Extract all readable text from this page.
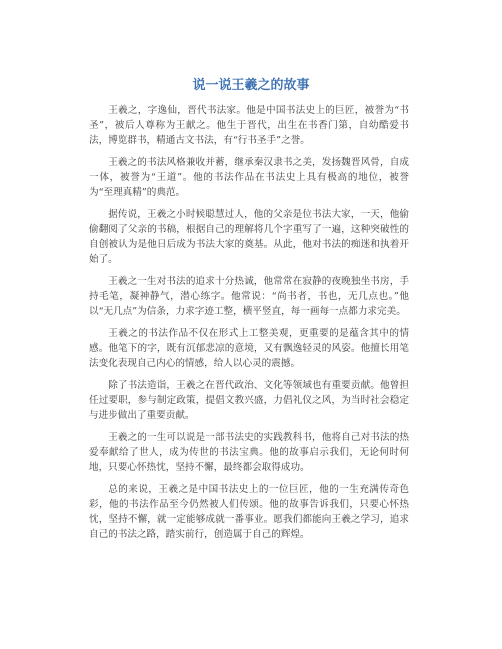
说一说王羲之的故事

王羲之，字逸仙，晋代书法家。他是中国书法史上的巨匠，被誉为“书圣”，被后人尊称为王献之。他生于晋代，出生在书香门第，自幼酷爱书法，博览群书，精通古文书法，有“行书圣手”之誉。

王羲之的书法风格兼收并蓄，继承秦汉隶书之美，发扬魏晋风骨，自成一体，被誉为“王道”。他的书法作品在书法史上具有极高的地位，被誉为“至理真精”的典范。

据传说，王羲之小时候聪慧过人，他的父亲是位书法大家，一天，他偷偷翻阅了父亲的书稿，根据自己的理解将几个字重写了一遍，这种突破性的自创被认为是他日后成为书法大家的奠基。从此，他对书法的痴迷和执着开始了。

王羲之一生对书法的追求十分热诚，他常常在寂静的夜晚独坐书房，手持毛笔，凝神静气，潜心练字。他常说：“尚书者，书也，无几点也。”他以“无几点”为信条，力求字迹工整，横平竖直，每一画每一点都力求完美。

王羲之的书法作品不仅在形式上工整美观，更重要的是蕴含其中的情感。他笔下的字，既有沉郁悲凉的意境，又有飘逸轻灵的风姿。他擅长用笔法变化表现自己内心的情感，给人以心灵的震撼。

除了书法造诣，王羲之在晋代政治、文化等领域也有重要贡献。他曾担任过要职，参与制定政策，提倡文教兴盛，力倡礼仪之风，为当时社会稳定与进步做出了重要贡献。

王羲之的一生可以说是一部书法史的实践教科书，他将自己对书法的热爱奉献给了世人，成为传世的书法宝典。他的故事启示我们，无论何时何地，只要心怀热忱，坚持不懈，最终都会取得成功。

总的来说，王羲之是中国书法史上的一位巨匠，他的一生充满传奇色彩，他的书法作品至今仍然被人们传颂。他的故事告诉我们，只要心怀热忱，坚持不懈，就一定能够成就一番事业。愿我们都能向王羲之学习，追求自己的书法之路，踏实前行，创造属于自己的辉煌。
